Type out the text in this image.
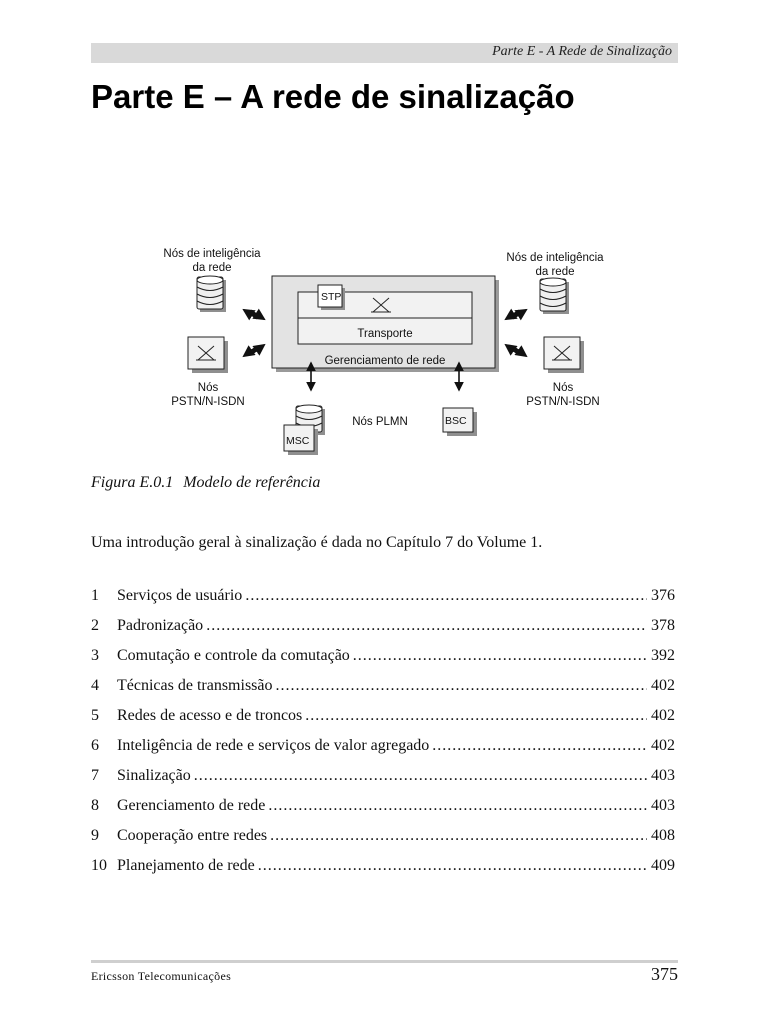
Parte E - A Rede de Sinalização
Parte E – A rede de sinalização
STP
Transporte
Gerenciamento de rede
Nós de inteligência
da rede
Nós de inteligência
da rede
Nós
PSTN/N-ISDN
Nós
PSTN/N-ISDN
MSC
Nós PLMN	BSC
Figura E.0.1 Modelo de referência
Uma introdução geral à sinalização é dada no Capítulo 7 do Volume 1.
1	Serviços de usuário .....	376
2	Padronização .....	378
3	Comutação e controle da comutação .....	392
4	Técnicas de transmissão .....	402
5	Redes de acesso e de troncos .....	402
6	Inteligência de rede e serviços de valor agregado .....	402
7	Sinalização .....	403
8	Gerenciamento de rede .....	403
9	Cooperação entre redes .....	408
10 Planejamento de rede .....	409
Ericsson Telecomunicações	375
